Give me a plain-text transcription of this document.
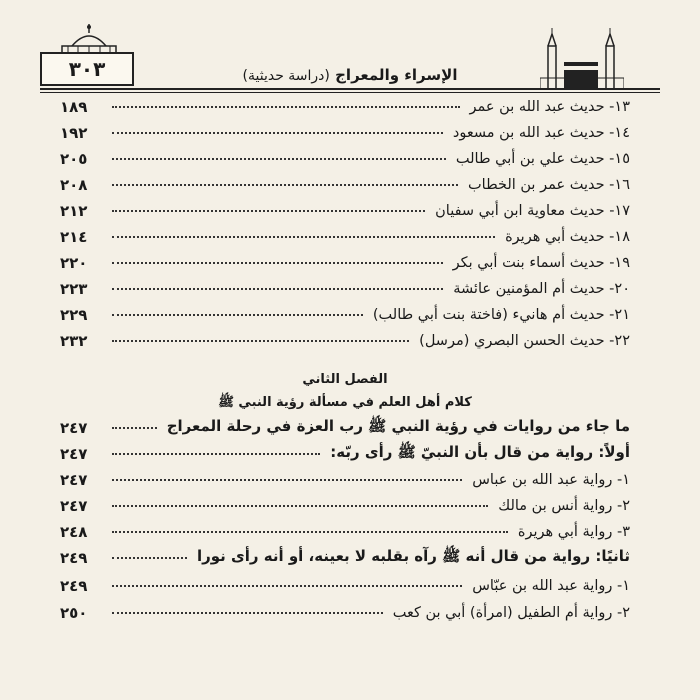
٣٠٣	الإسراء والمعراج (دراسة حديثية)
١٣- حديث عبد الله بن عمر
١٨٩
١٤- حديث عبد الله بن مسعود
١٩٢
١٥- حديث علي بن أبي طالب
٢٠٥
١٦- حديث عمر بن الخطاب
٢٠٨
١٧- حديث معاوية ابن أبي سفيان
٢١٢
١٨- حديث أبي هريرة
٢١٤
١٩- حديث أسماء بنت أبي بكر
٢٢٠
٢٠- حديث أم المؤمنين عائشة
٢٢٣
٢١- حديث أم هانيء (فاختة بنت أبي طالب)
٢٢٩
٢٢- حديث الحسن البصري (مرسل)
٢٣٢
الفصل الثاني
كلام أهل العلم في مسألة رؤية النبي ﷺ
ما جاء من روايات في رؤية النبي ﷺ رب العزة في رحلة المعراج
٢٤٧
أولاً: رواية من قال بأن النبيّ ﷺ رأى ربّه:
٢٤٧
١- رواية عبد الله بن عباس
٢٤٧
٢- رواية أنس بن مالك
٢٤٧
٣- رواية أبي هريرة
٢٤٨
ثانيًا: رواية من قال أنه ﷺ رآه بقلبه لا بعينه، أو أنه رأى نورا
٢٤٩
١- رواية عبد الله بن عبّاس
٢٤٩
٢- رواية أم الطفيل (امرأة) أبي بن كعب
٢٥٠
